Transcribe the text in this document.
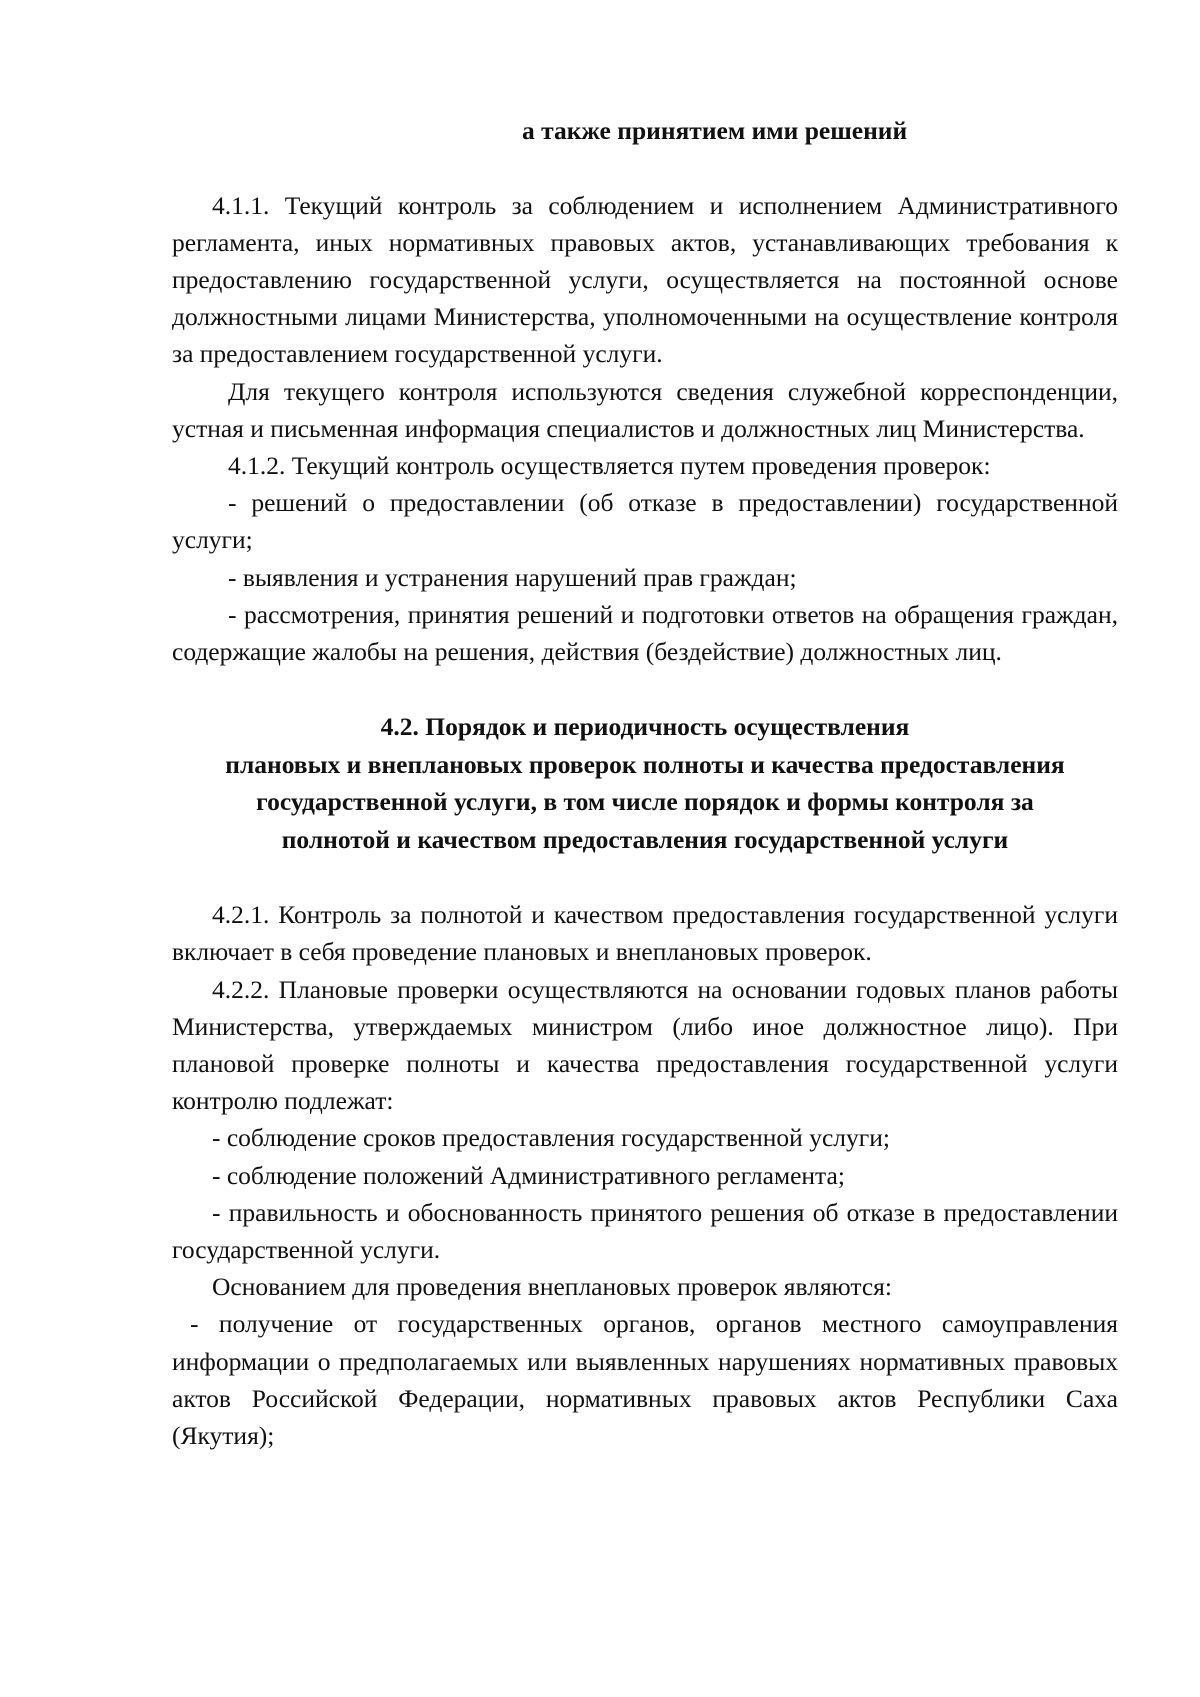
а также принятием ими решений

4.1.1. Текущий контроль за соблюдением и исполнением Административного регламента, иных нормативных правовых актов, устанавливающих требования к предоставлению государственной услуги, осуществляется на постоянной основе должностными лицами Министерства, уполномоченными на осуществление контроля за предоставлением государственной услуги.

Для текущего контроля используются сведения служебной корреспонденции, устная и письменная информация специалистов и должностных лиц Министерства.

4.1.2. Текущий контроль осуществляется путем проведения проверок:

- решений о предоставлении (об отказе в предоставлении) государственной услуги;

- выявления и устранения нарушений прав граждан;

- рассмотрения, принятия решений и подготовки ответов на обращения граждан, содержащие жалобы на решения, действия (бездействие) должностных лиц.

4.2. Порядок и периодичность осуществления
плановых и внеплановых проверок полноты и качества предоставления
государственной услуги, в том числе порядок и формы контроля за
полнотой и качеством предоставления государственной услуги

4.2.1. Контроль за полнотой и качеством предоставления государственной услуги включает в себя проведение плановых и внеплановых проверок.

4.2.2. Плановые проверки осуществляются на основании годовых планов работы Министерства, утверждаемых министром (либо иное должностное лицо). При плановой проверке полноты и качества предоставления государственной услуги контролю подлежат:

- соблюдение сроков предоставления государственной услуги;

- соблюдение положений Административного регламента;

- правильность и обоснованность принятого решения об отказе в предоставлении государственной услуги.

Основанием для проведения внеплановых проверок являются:

- получение от государственных органов, органов местного самоуправления информации о предполагаемых или выявленных нарушениях нормативных правовых актов Российской Федерации, нормативных правовых актов Республики Саха (Якутия);
